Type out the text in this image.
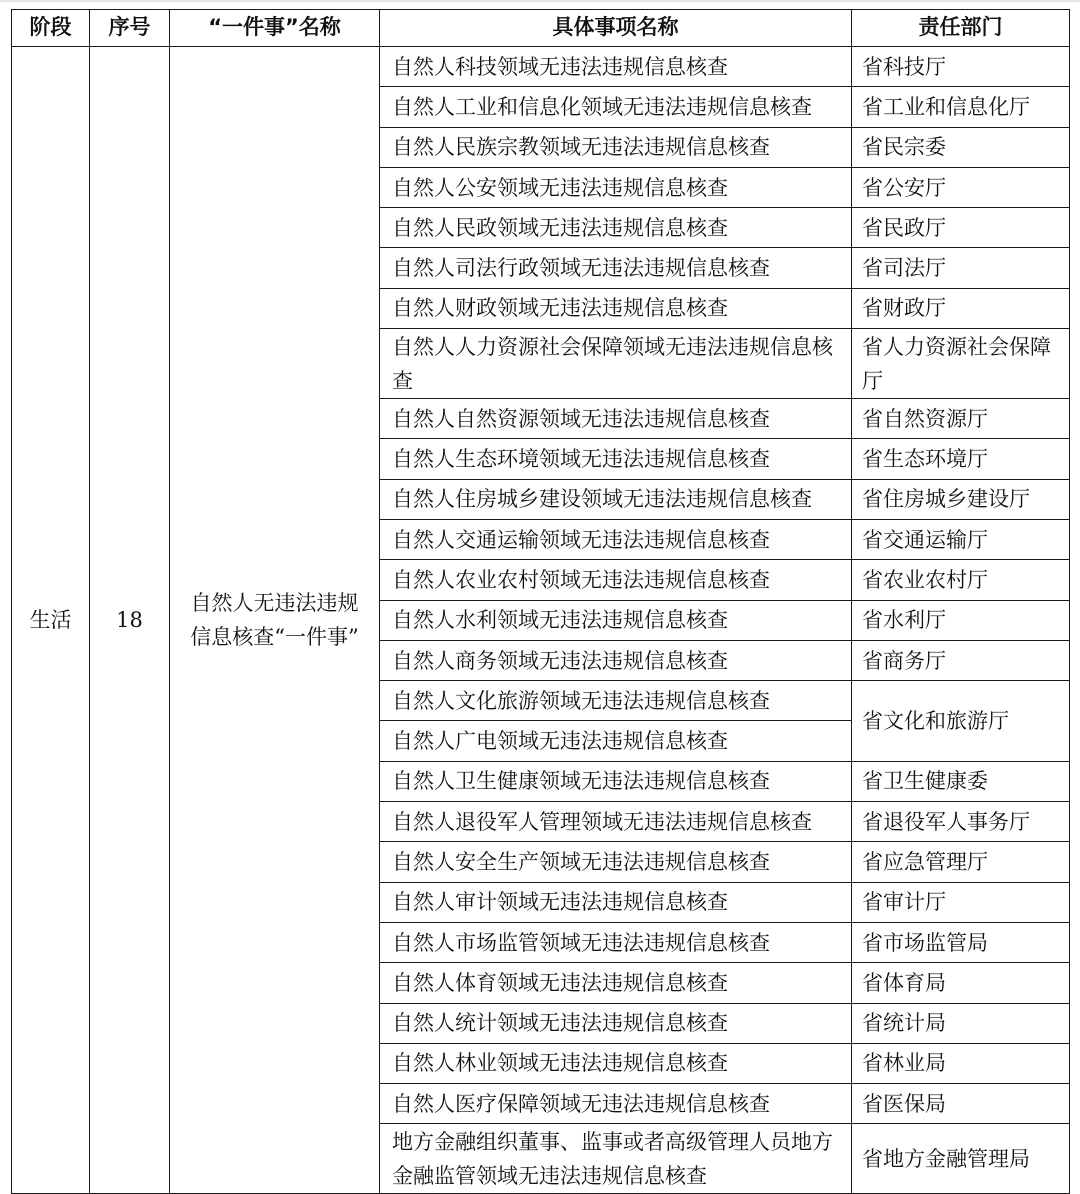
阶段	序号	“一件事”名称	具体事项名称	责任部门
生活	18	自然人无违法违规信息核查“一件事”	自然人科技领域无违法违规信息核查	省科技厅
			自然人工业和信息化领域无违法违规信息核查	省工业和信息化厅
			自然人民族宗教领域无违法违规信息核查	省民宗委
			自然人公安领域无违法违规信息核查	省公安厅
			自然人民政领域无违法违规信息核查	省民政厅
			自然人司法行政领域无违法违规信息核查	省司法厅
			自然人财政领域无违法违规信息核查	省财政厅
			自然人人力资源社会保障领域无违法违规信息核查	省人力资源社会保障厅
			自然人自然资源领域无违法违规信息核查	省自然资源厅
			自然人生态环境领域无违法违规信息核查	省生态环境厅
			自然人住房城乡建设领域无违法违规信息核查	省住房城乡建设厅
			自然人交通运输领域无违法违规信息核查	省交通运输厅
			自然人农业农村领域无违法违规信息核查	省农业农村厅
			自然人水利领域无违法违规信息核查	省水利厅
			自然人商务领域无违法违规信息核查	省商务厅
			自然人文化旅游领域无违法违规信息核查	省文化和旅游厅
			自然人广电领域无违法违规信息核查	
			自然人卫生健康领域无违法违规信息核查	省卫生健康委
			自然人退役军人管理领域无违法违规信息核查	省退役军人事务厅
			自然人安全生产领域无违法违规信息核查	省应急管理厅
			自然人审计领域无违法违规信息核查	省审计厅
			自然人市场监管领域无违法违规信息核查	省市场监管局
			自然人体育领域无违法违规信息核查	省体育局
			自然人统计领域无违法违规信息核查	省统计局
			自然人林业领域无违法违规信息核查	省林业局
			自然人医疗保障领域无违法违规信息核查	省医保局
			地方金融组织董事、监事或者高级管理人员地方金融监管领域无违法违规信息核查	省地方金融管理局
